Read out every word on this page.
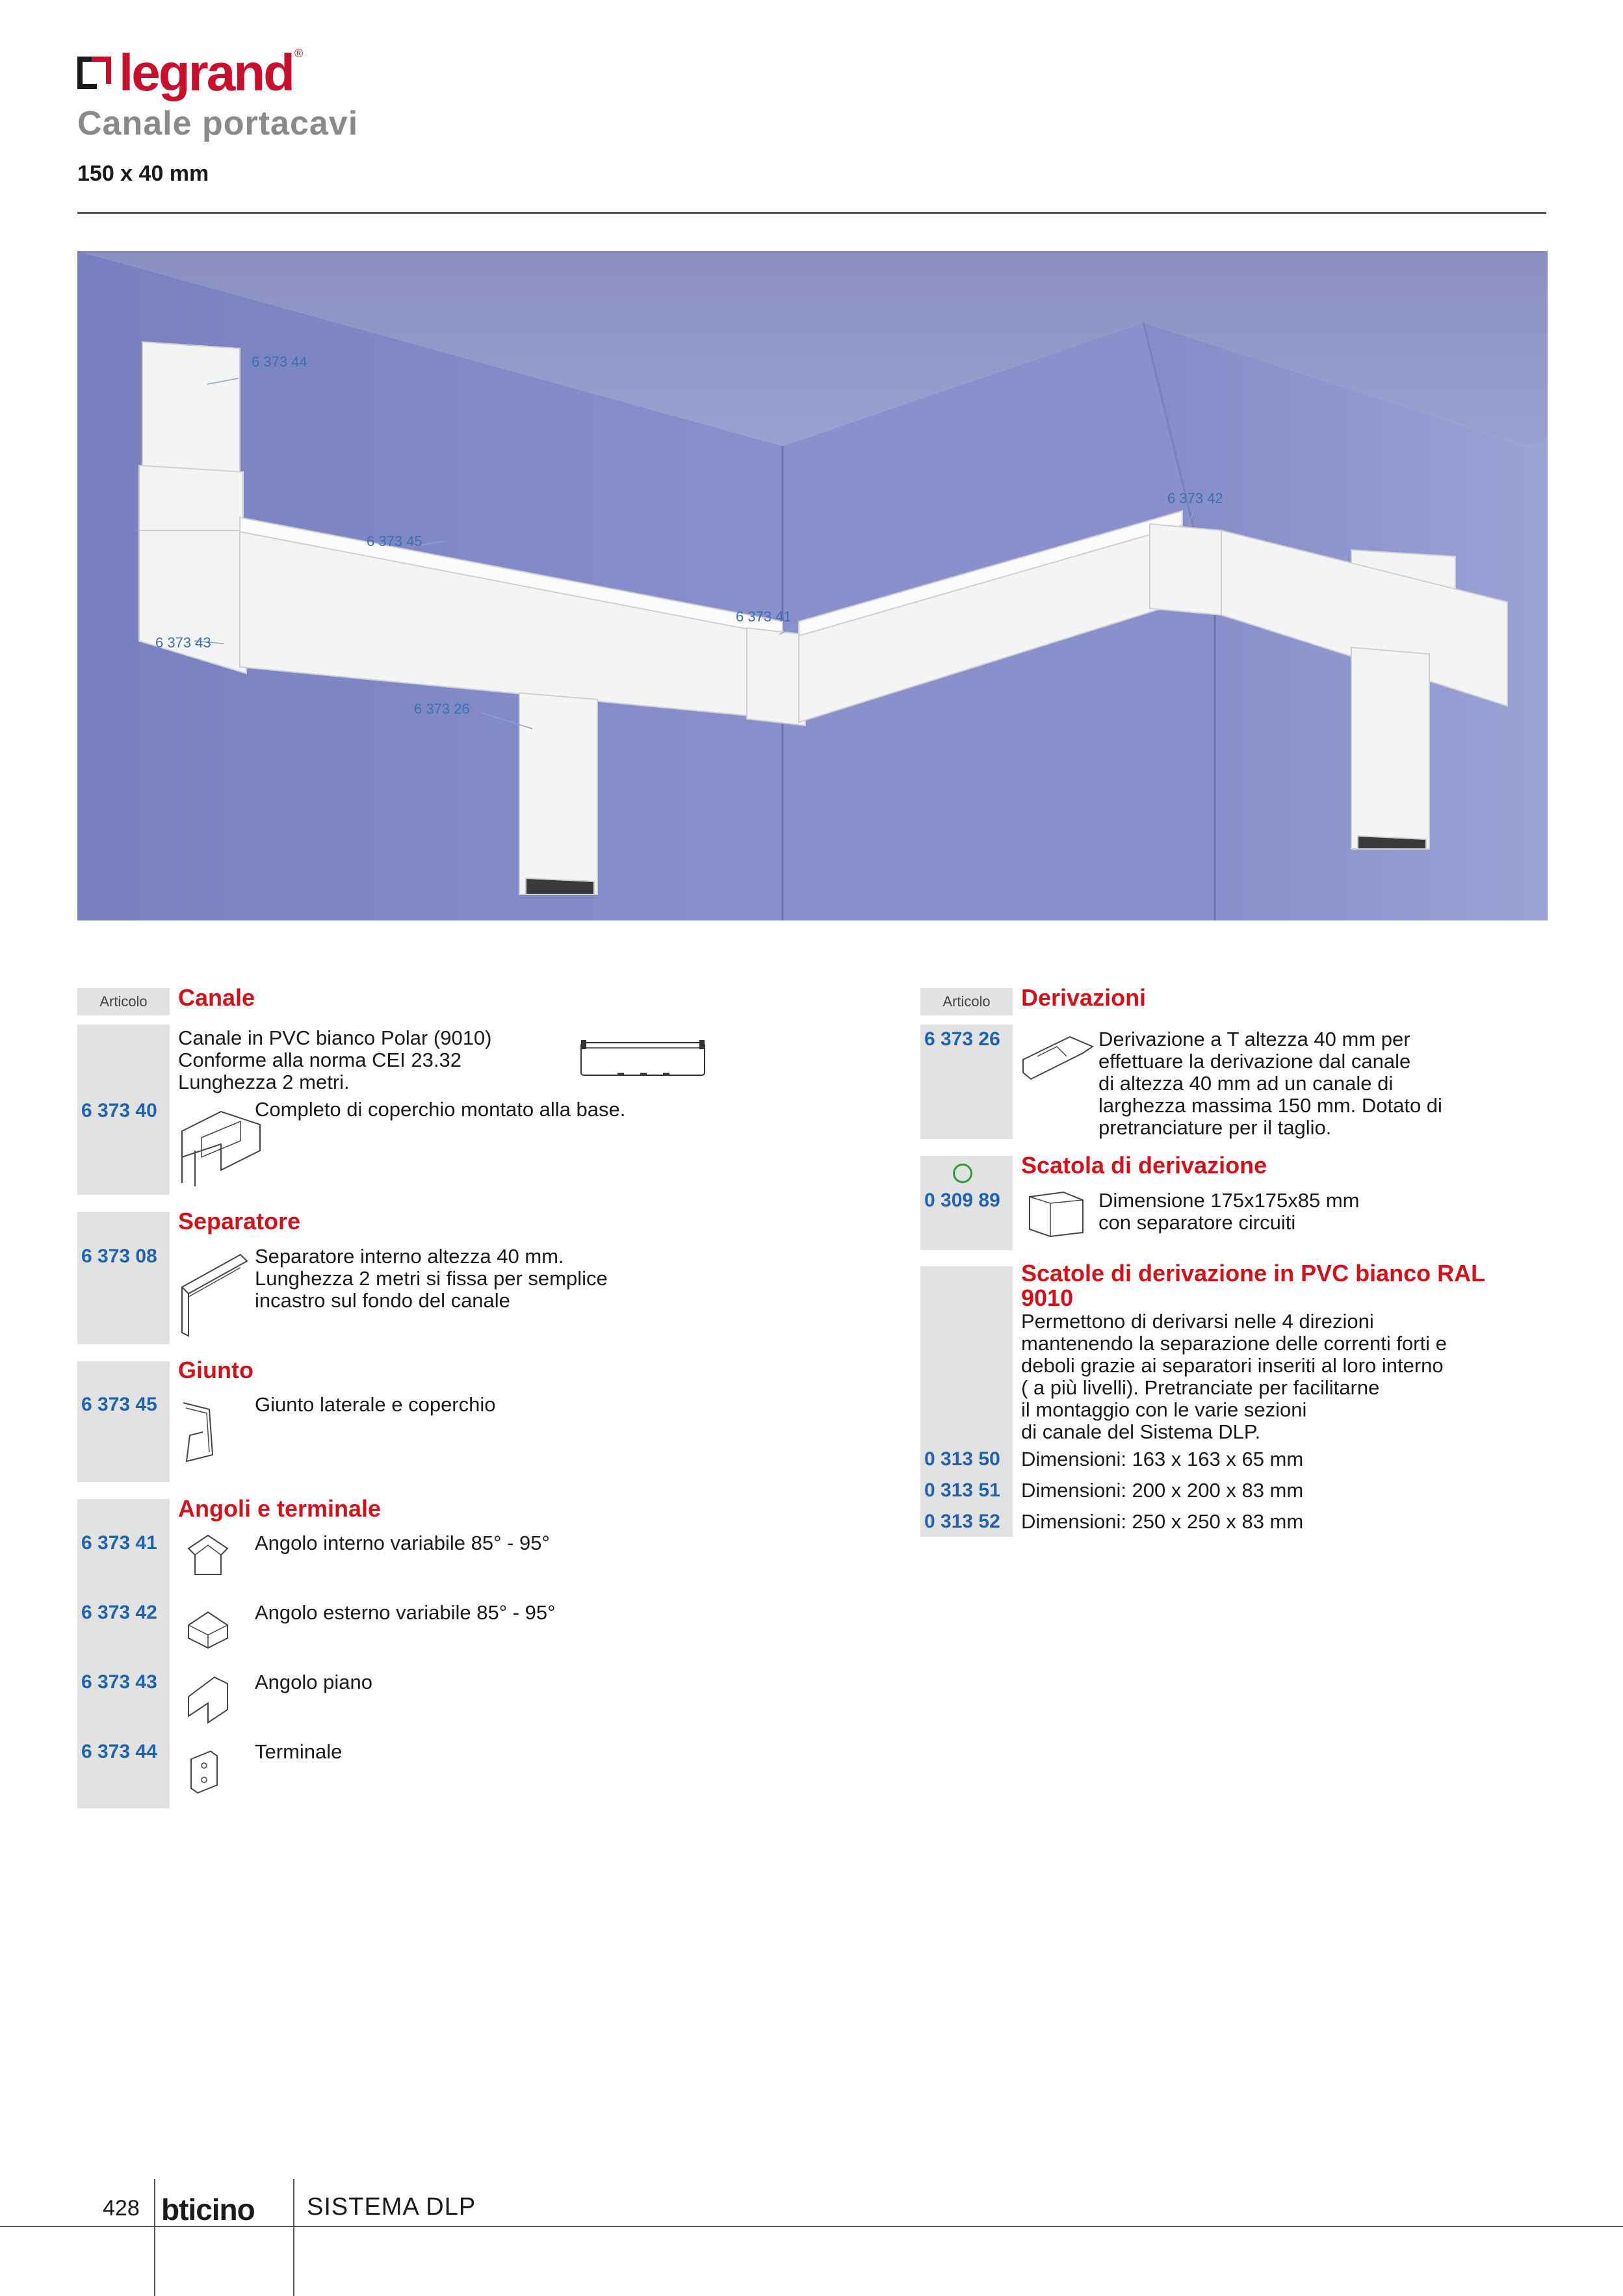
legrand ®
Canale portacavi
150 x 40 mm
6 373 44
6 373 45
6 373 43
6 373 26
6 373 41
6 373 42
Articolo	Canale
6 373 40
Canale in PVC bianco Polar (9010)
Conforme alla norma CEI 23.32
Lunghezza 2 metri.
Completo di coperchio montato alla base.
Separatore
6 373 08	Separatore interno altezza 40 mm.
Lunghezza 2 metri si fissa per semplice
incastro sul fondo del canale
Giunto
6 373 45	Giunto laterale e coperchio
Angoli e terminale
6 373 41	Angolo interno variabile 85° - 95°
6 373 42	Angolo esterno variabile 85° - 95°
6 373 43	Angolo piano
6 373 44	Terminale
Articolo	Derivazioni
6 373 26	Derivazione a T altezza 40 mm per
effettuare la derivazione dal canale
di altezza 40 mm ad un canale di
larghezza massima 150 mm. Dotato di
pretranciature per il taglio.
Scatola di derivazione
0 309 89	Dimensione 175x175x85 mm
con separatore circuiti
Scatole di derivazione in PVC bianco RAL
9010
Permettono di derivarsi nelle 4 direzioni
mantenendo la separazione delle correnti forti e
deboli grazie ai separatori inseriti al loro interno
( a più livelli). Pretranciate per facilitarne
il montaggio con le varie sezioni
di canale del Sistema DLP.
0 313 50 Dimensioni: 163 x 163 x 65 mm
0 313 51 Dimensioni: 200 x 200 x 83 mm
0 313 52 Dimensioni: 250 x 250 x 83 mm
428 bticino SISTEMA DLP
